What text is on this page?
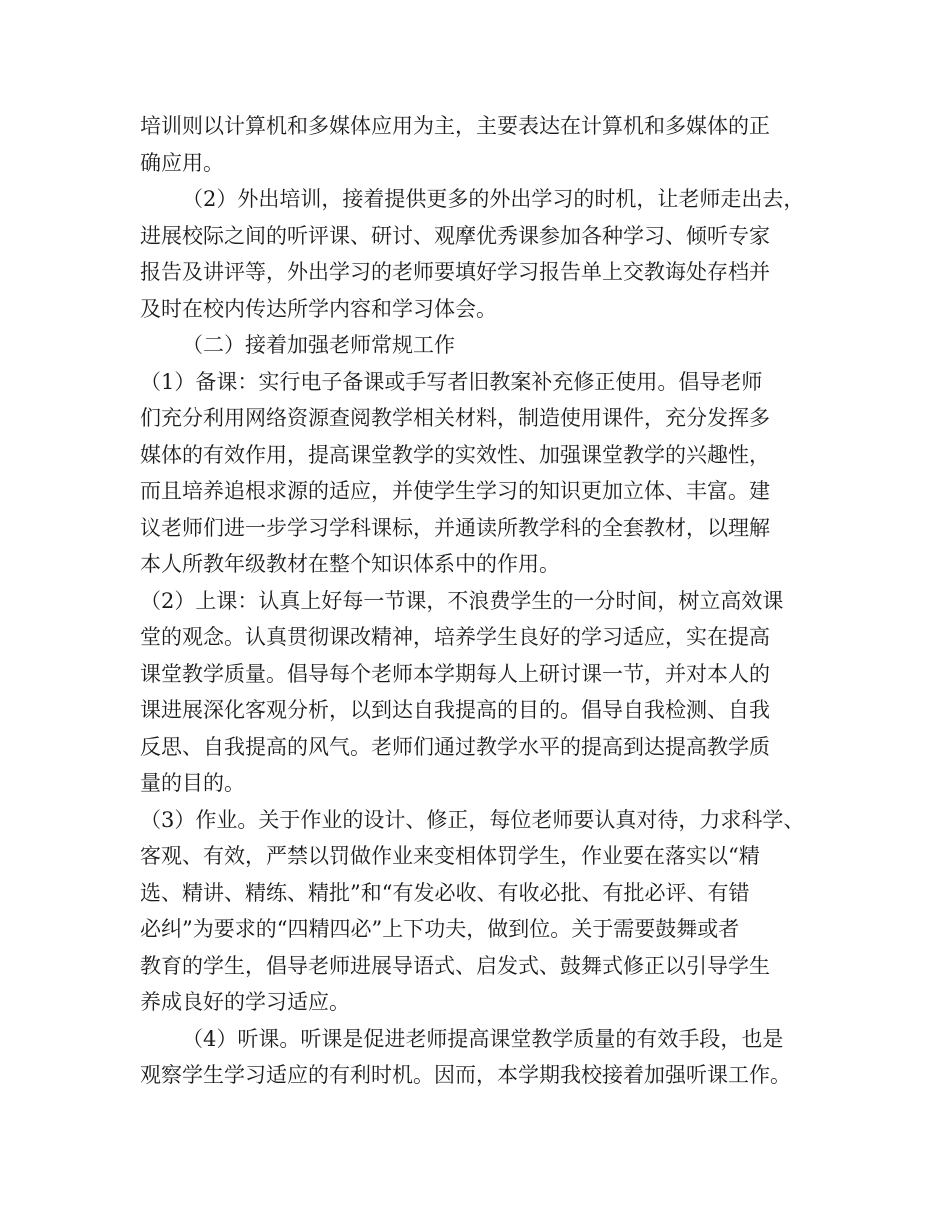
培训则以计算机和多媒体应用为主，主要表达在计算机和多媒体的正
确应用。
（2）外出培训，接着提供更多的外出学习的时机，让老师走出去，
进展校际之间的听评课、研讨、观摩优秀课参加各种学习、倾听专家
报告及讲评等，外出学习的老师要填好学习报告单上交教诲处存档并
及时在校内传达所学内容和学习体会。
（二）接着加强老师常规工作
（1）备课：实行电子备课或手写者旧教案补充修正使用。倡导老师
们充分利用网络资源查阅教学相关材料，制造使用课件，充分发挥多
媒体的有效作用，提高课堂教学的实效性、加强课堂教学的兴趣性，
而且培养追根求源的适应，并使学生学习的知识更加立体、丰富。建
议老师们进一步学习学科课标，并通读所教学科的全套教材，以理解
本人所教年级教材在整个知识体系中的作用。
（2）上课：认真上好每一节课，不浪费学生的一分时间，树立高效课
堂的观念。认真贯彻课改精神，培养学生良好的学习适应，实在提高
课堂教学质量。倡导每个老师本学期每人上研讨课一节，并对本人的
课进展深化客观分析，以到达自我提高的目的。倡导自我检测、自我
反思、自我提高的风气。老师们通过教学水平的提高到达提高教学质
量的目的。
（3）作业。关于作业的设计、修正，每位老师要认真对待，力求科学、
客观、有效，严禁以罚做作业来变相体罚学生，作业要在落实以“精
选、精讲、精练、精批”和“有发必收、有收必批、有批必评、有错
必纠”为要求的“四精四必”上下功夫，做到位。关于需要鼓舞或者
教育的学生，倡导老师进展导语式、启发式、鼓舞式修正以引导学生
养成良好的学习适应。
（4）听课。听课是促进老师提高课堂教学质量的有效手段，也是
观察学生学习适应的有利时机。因而，本学期我校接着加强听课工作。
